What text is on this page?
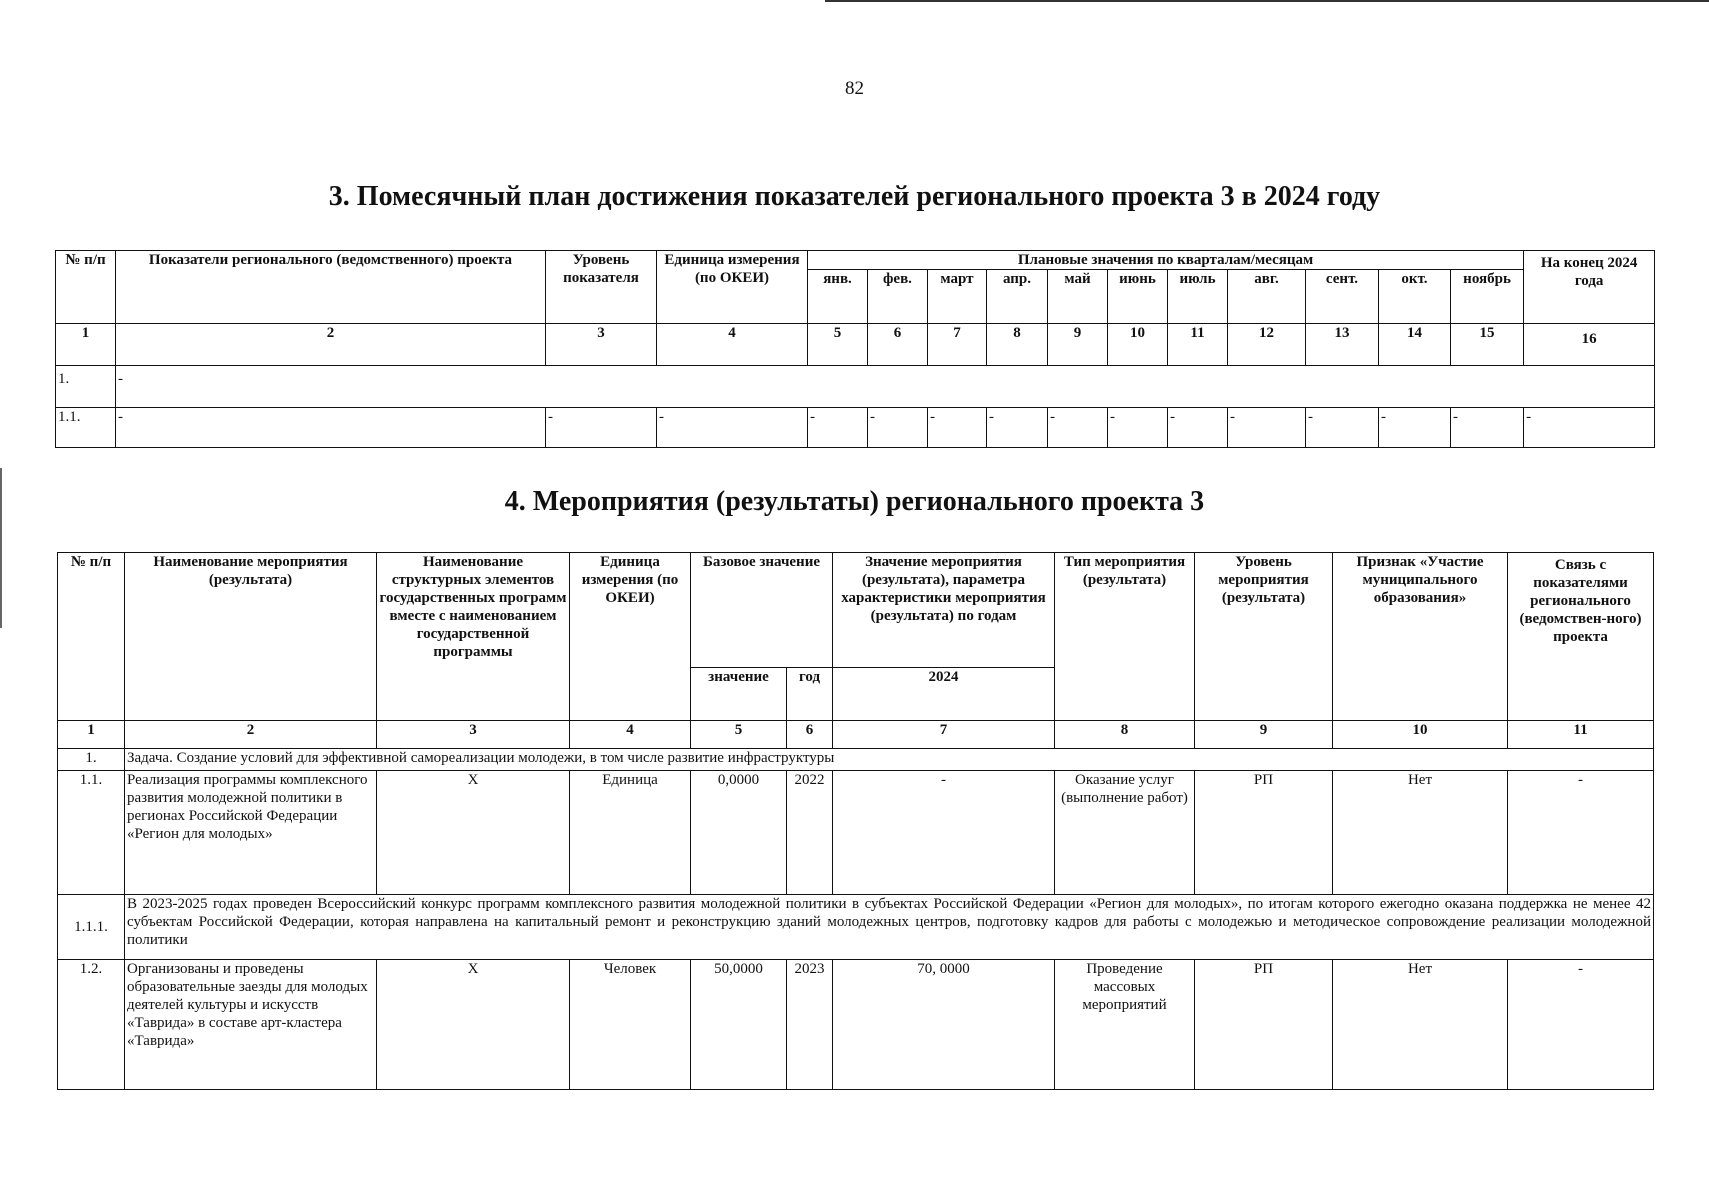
82
3. Помесячный план достижения показателей регионального проекта 3 в 2024 году
№ п/п	Показатели регионального (ведомственного) проекта	Уровень показателя	Единица измерения (по ОКЕИ)	Плановые значения по кварталам/месяцам											На конец 2024 года
				янв.	фев.	март	апр.	май	июнь	июль	авг.	сент.	окт.	ноябрь	
1	2	3	4	5	6	7	8	9	10	11	12	13	14	15	16
1.	-														
1.1.	-	-	-	-	-	-	-	-	-	-	-	-	-	-	-
4. Мероприятия (результаты) регионального проекта 3
№ п/п	Наименование мероприятия (результата)	Наименование структурных элементов государственных программ вместе с наименованием государственной программы	Единица измерения (по ОКЕИ)	Базовое значение		Значение мероприятия (результата), параметра характеристики мероприятия (результата) по годам	Тип мероприятия (результата)	Уровень мероприятия (результата)	Признак «Участие муниципального образования»	Связь с показателями регионального (ведомствен-ного) проекта
				значение	год	2024				
1	2	3	4	5	6	7	8	9	10	11
1.	Задача. Создание условий для эффективной самореализации молодежи, в том числе развитие инфраструктуры									
1.1.	Реализация программы комплексного развития молодежной политики в регионах Российской Федерации «Регион для молодых»	Х	Единица	0,0000	2022	-	Оказание услуг (выполнение работ)	РП	Нет	-
1.1.1.	В 2023-2025 годах проведен Всероссийский конкурс программ комплексного развития молодежной политики в субъектах Российской Федерации «Регион для молодых», по итогам которого ежегодно оказана поддержка не менее 42 субъектам Российской Федерации, которая направлена на капитальный ремонт и реконструкцию зданий молодежных центров, подготовку кадров для работы с молодежью и методическое сопровождение реализации молодежной политики									
1.2.	Организованы и проведены образовательные заезды для молодых деятелей культуры и искусств «Таврида» в составе арт-кластера «Таврида»	Х	Человек	50,0000	2023	70, 0000	Проведение массовых мероприятий	РП	Нет	-
